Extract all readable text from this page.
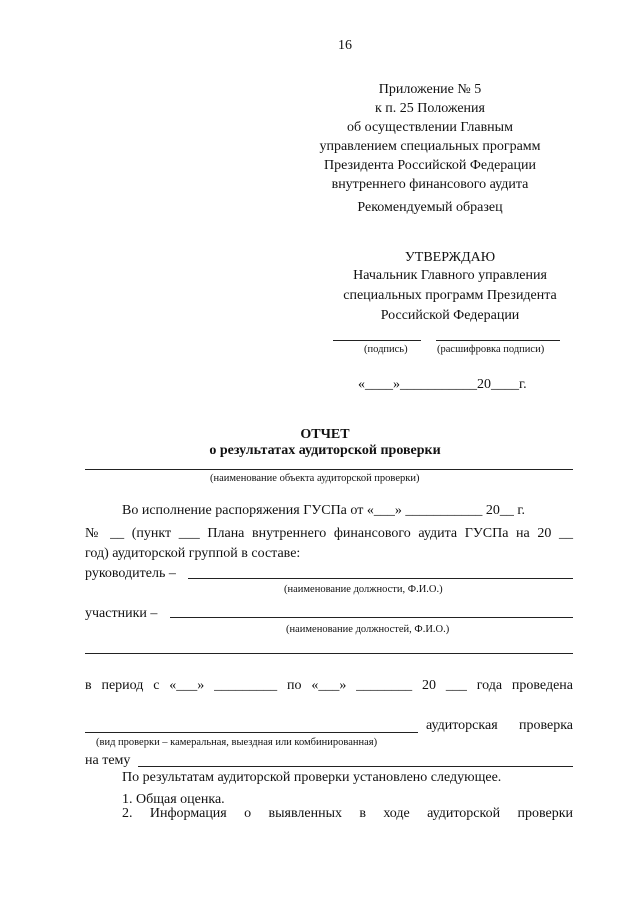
16
Приложение № 5
к п. 25 Положения
об осуществлении Главным
управлением специальных программ
Президента Российской Федерации
внутреннего финансового аудита
Рекомендуемый образец
УТВЕРЖДАЮ
Начальник Главного управления
специальных программ Президента
Российской Федерации
(подпись)	(расшифровка подписи)
«____»___________20____г.
ОТЧЕТ
о результатах аудиторской проверки
(наименование объекта аудиторской проверки)
Во исполнение распоряжения ГУСПа от «___» ___________ 20__ г.
№ __ (пункт ___ Плана внутреннего финансового аудита ГУСПа на 20 __
год) аудиторской группой в составе:
руководитель –
(наименование должности, Ф.И.О.)
участники –
(наименование должностей, Ф.И.О.)
в период с «___» _________ по «___» ________ 20 ___ года проведена
аудиторская проверка
(вид проверки – камеральная, выездная или комбинированная)
на тему
По результатам аудиторской проверки установлено следующее.
1. Общая оценка.
2. Информация о выявленных в ходе аудиторской проверки
